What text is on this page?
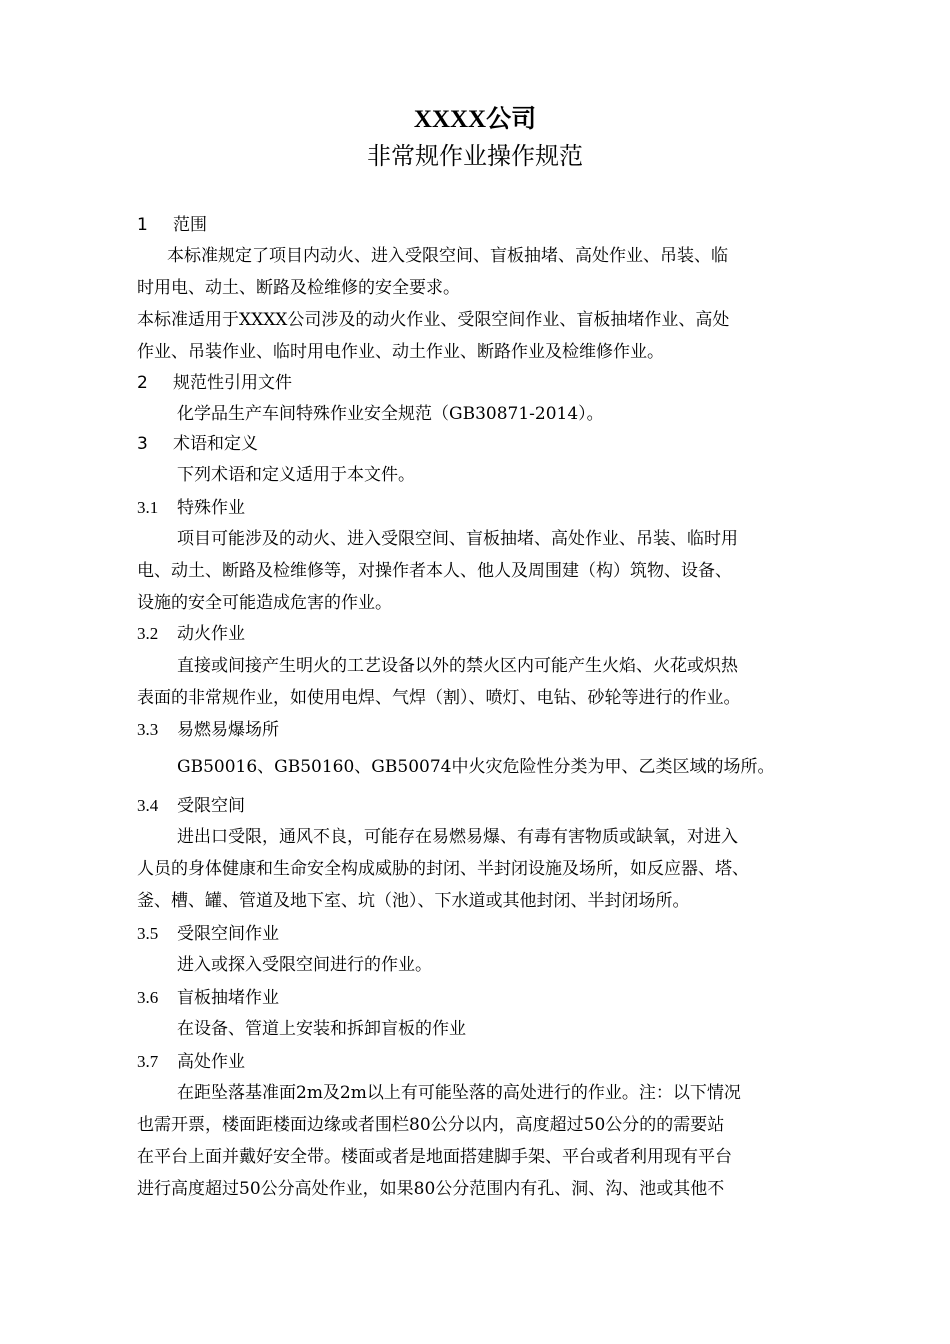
XXXX公司
非常规作业操作规范
1 范围
本标准规定了项目内动火、进入受限空间、盲板抽堵、高处作业、吊装、临
时用电、动土、断路及检维修的安全要求。
本标准适用于XXXX公司涉及的动火作业、受限空间作业、盲板抽堵作业、高处
作业、吊装作业、临时用电作业、动土作业、断路作业及检维修作业。
2 规范性引用文件
化学品生产车间特殊作业安全规范（GB30871-2014）。
3 术语和定义
下列术语和定义适用于本文件。
3.1 特殊作业
项目可能涉及的动火、进入受限空间、盲板抽堵、高处作业、吊装、临时用
电、动土、断路及检维修等，对操作者本人、他人及周围建（构）筑物、设备、
设施的安全可能造成危害的作业。
3.2 动火作业
直接或间接产生明火的工艺设备以外的禁火区内可能产生火焰、火花或炽热
表面的非常规作业，如使用电焊、气焊（割）、喷灯、电钻、砂轮等进行的作业。
3.3 易燃易爆场所
GB50016、GB50160、GB50074中火灾危险性分类为甲、乙类区域的场所。
3.4 受限空间
进出口受限，通风不良，可能存在易燃易爆、有毒有害物质或缺氧，对进入
人员的身体健康和生命安全构成威胁的封闭、半封闭设施及场所，如反应器、塔、
釜、槽、罐、管道及地下室、坑（池）、下水道或其他封闭、半封闭场所。
3.5 受限空间作业
进入或探入受限空间进行的作业。
3.6 盲板抽堵作业
在设备、管道上安装和拆卸盲板的作业
3.7 高处作业
在距坠落基准面2m及2m以上有可能坠落的高处进行的作业。注：以下情况
也需开票，楼面距楼面边缘或者围栏80公分以内，高度超过50公分的的需要站
在平台上面并戴好安全带。楼面或者是地面搭建脚手架、平台或者利用现有平台
进行高度超过50公分高处作业，如果80公分范围内有孔、洞、沟、池或其他不
